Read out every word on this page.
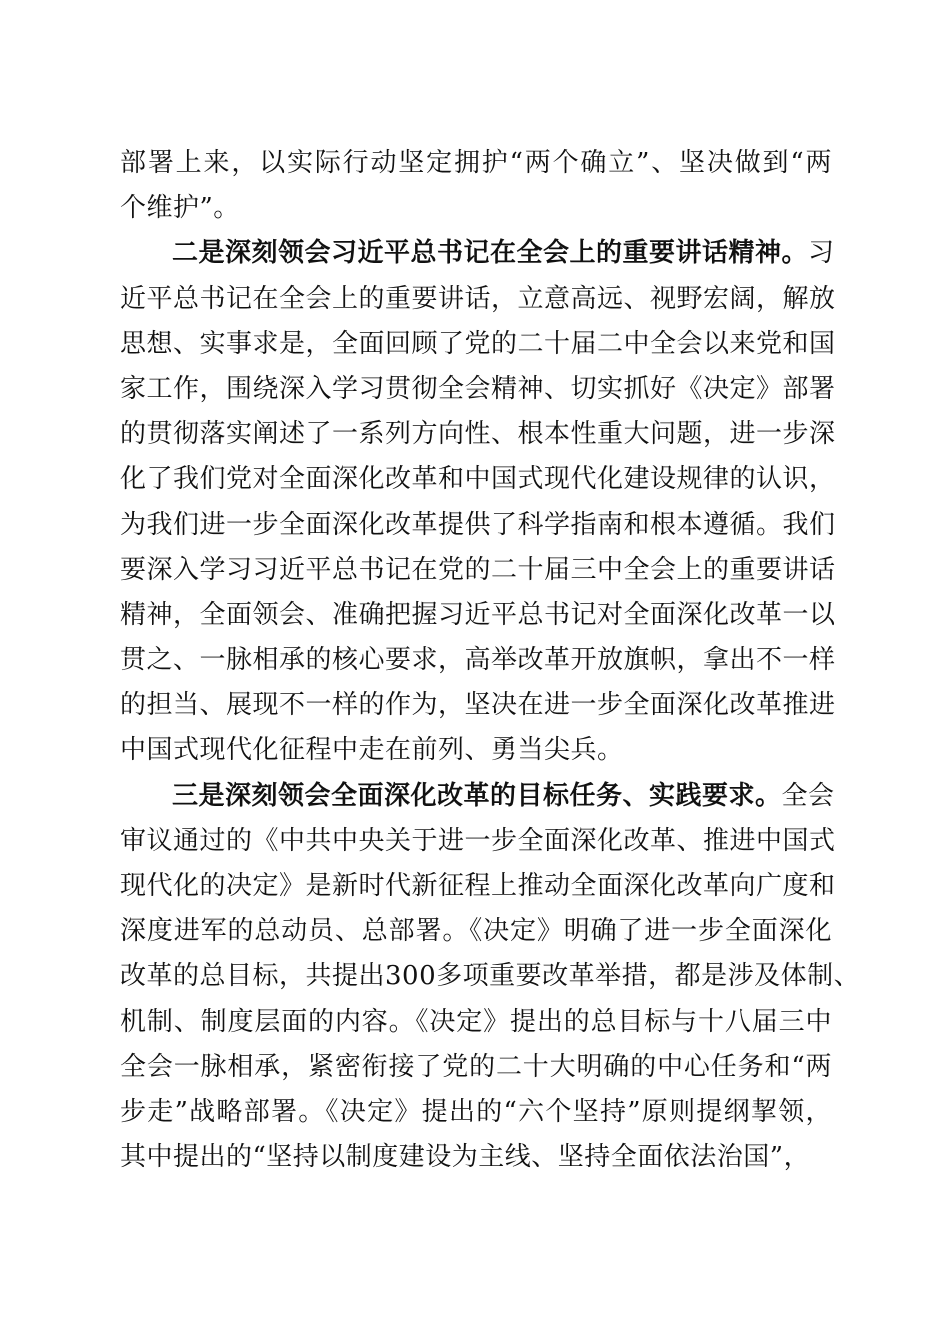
部署上来，以实际行动坚定拥护“两个确立”、坚决做到“两
个维护”。
二是深刻领会习近平总书记在全会上的重要讲话精神。习
近平总书记在全会上的重要讲话，立意高远、视野宏阔，解放
思想、实事求是，全面回顾了党的二十届二中全会以来党和国
家工作，围绕深入学习贯彻全会精神、切实抓好《决定》部署
的贯彻落实阐述了一系列方向性、根本性重大问题，进一步深
化了我们党对全面深化改革和中国式现代化建设规律的认识，
为我们进一步全面深化改革提供了科学指南和根本遵循。我们
要深入学习习近平总书记在党的二十届三中全会上的重要讲话
精神，全面领会、准确把握习近平总书记对全面深化改革一以
贯之、一脉相承的核心要求，高举改革开放旗帜，拿出不一样
的担当、展现不一样的作为，坚决在进一步全面深化改革推进
中国式现代化征程中走在前列、勇当尖兵。
三是深刻领会全面深化改革的目标任务、实践要求。全会
审议通过的《中共中央关于进一步全面深化改革、推进中国式
现代化的决定》是新时代新征程上推动全面深化改革向广度和
深度进军的总动员、总部署。《决定》明确了进一步全面深化
改革的总目标，共提出300多项重要改革举措，都是涉及体制、
机制、制度层面的内容。《决定》提出的总目标与十八届三中
全会一脉相承，紧密衔接了党的二十大明确的中心任务和“两
步走”战略部署。《决定》提出的“六个坚持”原则提纲挈领，
其中提出的“坚持以制度建设为主线、坚持全面依法治国”，
